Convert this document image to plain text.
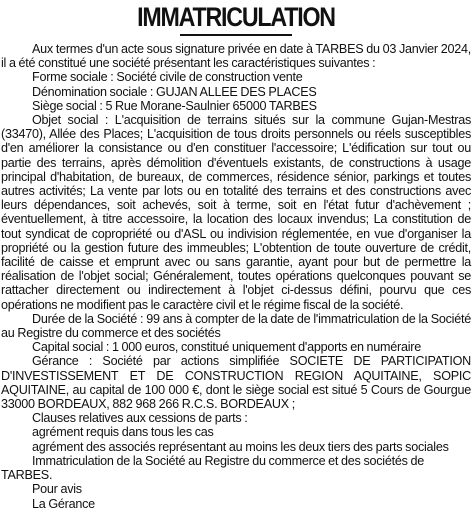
IMMATRICULATION

Aux termes d'un acte sous signature privée en date à TARBES du 03 Janvier 2024, il a été constitué une société présentant les caractéristiques suivantes :

Forme sociale : Société civile de construction vente

Dénomination sociale : GUJAN ALLEE DES PLACES

Siège social : 5 Rue Morane-Saulnier 65000 TARBES

Objet social : L'acquisition de terrains situés sur la commune Gujan-Mestras (33470), Allée des Places; L'acquisition de tous droits personnels ou réels susceptibles d'en améliorer la consistance ou d'en constituer l'accessoire; L'édification sur tout ou partie des terrains, après démolition d'éventuels existants, de constructions à usage principal d'habitation, de bureaux, de commerces, résidence sénior, parkings et toutes autres activités; La vente par lots ou en totalité des terrains et des constructions avec leurs dépendances, soit achevés, soit à terme, soit en l'état futur d'achèvement ; éventuellement, à titre accessoire, la location des locaux invendus; La constitution de tout syndicat de copropriété ou d'ASL ou indivision réglementée, en vue d'organiser la propriété ou la gestion future des immeubles; L'obtention de toute ouverture de crédit, facilité de caisse et emprunt avec ou sans garantie, ayant pour but de permettre la réalisation de l'objet social; Généralement, toutes opérations quelconques pouvant se rattacher directement ou indirectement à l'objet ci-dessus défini, pourvu que ces opérations ne modifient pas le caractère civil et le régime fiscal de la société.

Durée de la Société : 99 ans à compter de la date de l'immatriculation de la Société au Registre du commerce et des sociétés

Capital social : 1 000 euros, constitué uniquement d'apports en numéraire

Gérance : Société par actions simplifiée SOCIETE DE PARTICIPATION D'INVESTISSEMENT ET DE CONSTRUCTION REGION AQUITAINE, SOPIC AQUITAINE, au capital de 100 000 €, dont le siège social est situé 5 Cours de Gourgue 33000 BORDEAUX, 882 968 266 R.C.S. BORDEAUX ;

Clauses relatives aux cessions de parts :

agrément requis dans tous les cas

agrément des associés représentant au moins les deux tiers des parts sociales

Immatriculation de la Société au Registre du commerce et des sociétés de TARBES.

Pour avis

La Gérance
